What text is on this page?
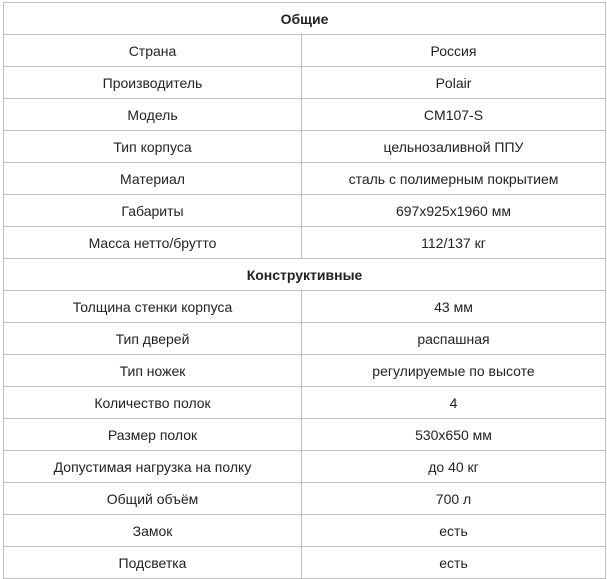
Общие	
Страна	Россия
Производитель	Polair
Модель	CM107-S
Тип корпуса	цельнозаливной ППУ
Материал	сталь с полимерным покрытием
Габариты	697x925x1960 мм
Масса нетто/брутто	112/137 кг
Конструктивные	
Толщина стенки корпуса	43 мм
Тип дверей	распашная
Тип ножек	регулируемые по высоте
Количество полок	4
Размер полок	530x650 мм
Допустимая нагрузка на полку	до 40 кг
Общий объём	700 л
Замок	есть
Подсветка	есть
